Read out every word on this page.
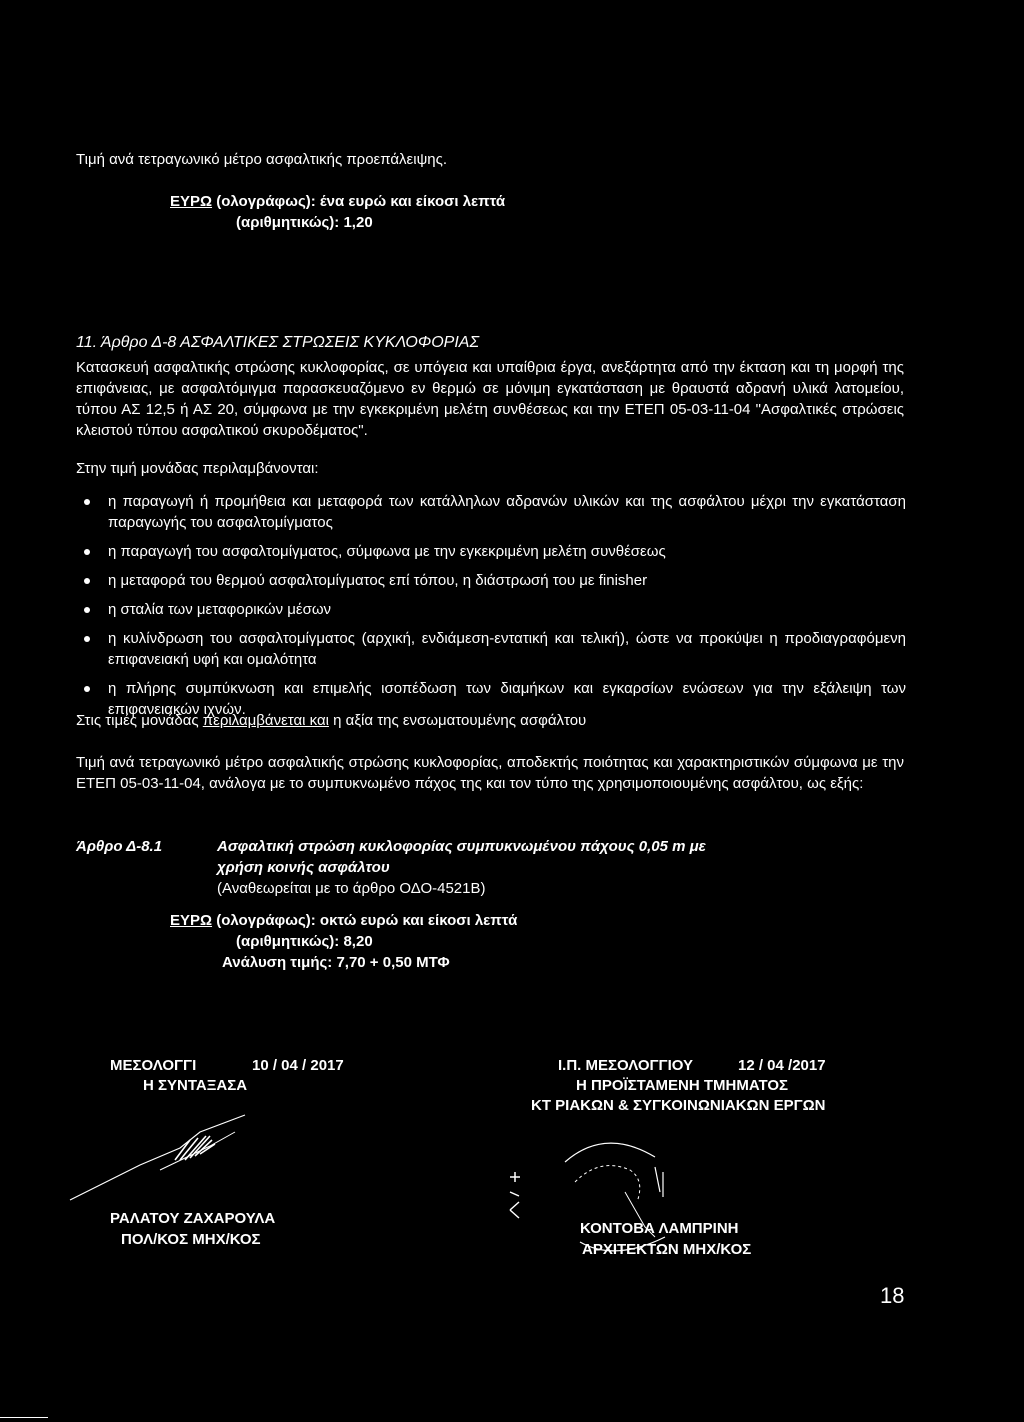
Τιμή ανά τετραγωνικό μέτρο ασφαλτικής προεπάλειψης.
ΕΥΡΩ (ολογράφως): ένα ευρώ και είκοσι λεπτά
(αριθμητικώς): 1,20
11. Άρθρο Δ-8 ΑΣΦΑΛΤΙΚΕΣ ΣΤΡΩΣΕΙΣ ΚΥΚΛΟΦΟΡΙΑΣ
Κατασκευή ασφαλτικής στρώσης κυκλοφορίας, σε υπόγεια και υπαίθρια έργα, ανεξάρτητα από την έκταση και τη μορφή της επιφάνειας, με ασφαλτόμιγμα παρασκευαζόμενο εν θερμώ σε μόνιμη εγκατάσταση με θραυστά αδρανή υλικά λατομείου, τύπου ΑΣ 12,5 ή ΑΣ 20, σύμφωνα με την εγκεκριμένη μελέτη συνθέσεως και την ΕΤΕΠ 05-03-11-04 "Ασφαλτικές στρώσεις κλειστού τύπου ασφαλτικού σκυροδέματος".
Στην τιμή μονάδας περιλαμβάνονται:
η παραγωγή ή προμήθεια και μεταφορά των κατάλληλων αδρανών υλικών και της ασφάλτου μέχρι την εγκατάσταση παραγωγής του ασφαλτομίγματος
η παραγωγή του ασφαλτομίγματος, σύμφωνα με την εγκεκριμένη μελέτη συνθέσεως
η μεταφορά του θερμού ασφαλτομίγματος επί τόπου, η διάστρωσή του με finisher
η σταλία των μεταφορικών μέσων
η κυλίνδρωση του ασφαλτομίγματος (αρχική, ενδιάμεση-εντατική και τελική), ώστε να προκύψει η προδιαγραφόμενη επιφανειακή υφή και ομαλότητα
η πλήρης συμπύκνωση και επιμελής ισοπέδωση των διαμήκων και εγκαρσίων ενώσεων για την εξάλειψη των επιφανειακών ιχνών.
Στις τιμές μονάδας περιλαμβάνεται και η αξία της ενσωματουμένης ασφάλτου
Τιμή ανά τετραγωνικό μέτρο ασφαλτικής στρώσης κυκλοφορίας, αποδεκτής ποιότητας και χαρακτηριστικών σύμφωνα με την ΕΤΕΠ 05-03-11-04, ανάλογα με το συμπυκνωμένο πάχος της και τον τύπο της χρησιμοποιουμένης ασφάλτου, ως εξής:
Άρθρο Δ-8.1	Ασφαλτική στρώση κυκλοφορίας συμπυκνωμένου πάχους 0,05 m με
χρήση κοινής ασφάλτου
(Αναθεωρείται με το άρθρο ΟΔΟ-4521Β)
ΕΥΡΩ (ολογράφως): οκτώ ευρώ και είκοσι λεπτά
(αριθμητικώς): 8,20
Ανάλυση τιμής: 7,70 + 0,50 ΜΤΦ
ΜΕΣΟΛΟΓΓΙ	10 / 04 / 2017
Η ΣΥΝΤΑΞΑΣΑ
ΡΑΛΑΤΟΥ ΖΑΧΑΡΟΥΛΑ
ΠΟΛ/ΚΟΣ ΜΗΧ/ΚΟΣ
Ι.Π. ΜΕΣΟΛΟΓΓΙΟΥ	12 / 04 /2017
Η ΠΡΟΪΣΤΑΜΕΝΗ ΤΜΗΜΑΤΟΣ
ΚΤ ΡΙΑΚΩΝ & ΣΥΓΚΟΙΝΩΝΙΑΚΩΝ ΕΡΓΩΝ
ΚΟΝΤΟΒΑ ΛΑΜΠΡΙΝΗ
ΑΡΧΙΤΕΚΤΩΝ ΜΗΧ/ΚΟΣ
18
